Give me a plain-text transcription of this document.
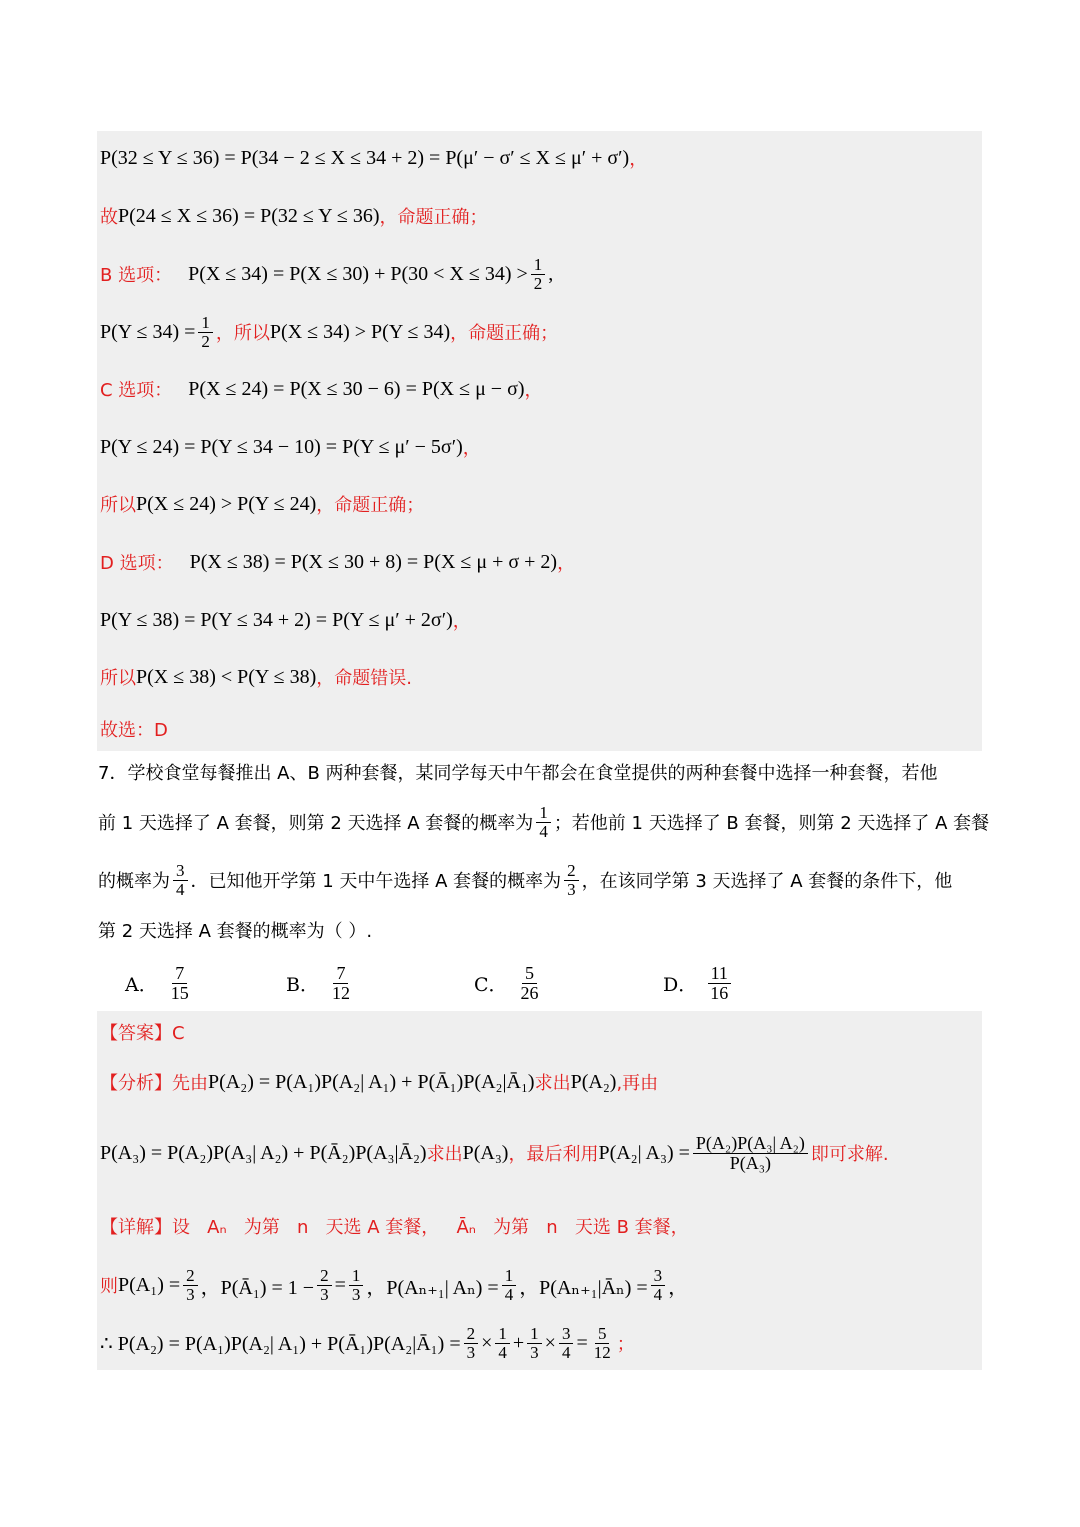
P(32 ≤ Y ≤ 36) = P(34 − 2 ≤ X ≤ 34 + 2) = P(μ′ − σ′ ≤ X ≤ μ′ + σ′) ，
故 P(24 ≤ X ≤ 36) = P(32 ≤ Y ≤ 36) ，命题正确；
B 选项： $P(X \le 34) = P(X \le 30) + P(30 < X \le 34) > \frac{1}{2}$ ,
$P(Y \le 34) = \frac{1}{2}$ ，所以 P(X ≤ 34) > P(Y ≤ 34) ，命题正确；
C 选项： P(X ≤ 24) = P(X ≤ 30 − 6) = P(X ≤ μ − σ) ，
P(Y ≤ 24) = P(Y ≤ 34 − 10) = P(Y ≤ μ′ − 5σ′) ，
所以 P(X ≤ 24) > P(Y ≤ 24) ，命题正确；
D 选项： P(X ≤ 38) = P(X ≤ 30 + 8) = P(X ≤ μ + σ + 2) ，
P(Y ≤ 38) = P(Y ≤ 34 + 2) = P(Y ≤ μ′ + 2σ′) ，
所以 P(X ≤ 38) < P(Y ≤ 38) ，命题错误.
故选：D
7．学校食堂每餐推出 A、B 两种套餐，某同学每天中午都会在食堂提供的两种套餐中选择一种套餐，若他
前 1 天选择了 A 套餐，则第 2 天选择 A 套餐的概率为 $\frac{1}{4}$ ；若他前 1 天选择了 B 套餐，则第 2 天选择了 A 套餐
的概率为 $\frac{3}{4}$ ．已知他开学第 1 天中午选择 A 套餐的概率为 $\frac{2}{3}$ ，在该同学第 3 天选择了 A 套餐的条件下，他
第 2 天选择 A 套餐的概率为（ ）.
A． $\frac{7}{15}$	B． $\frac{7}{12}$	C． $\frac{5}{26}$	D． $\frac{11}{16}$
【答案】C
【分析】 先由 P(A₂) = P(A₁)P(A₂| A₁) + P(Ā₁)P(A₂|Ā₁) 求出 P(A₂) ,再由
P(A₃) = P(A₂)P(A₃| A₂) + P(Ā₂)P(A₃|Ā₂) 求出 P(A₃) ，最后利用 P(A₂| $A_3) = \frac{\text{P(A₂)P(A₃| A₂)}}{\text{P(A₃)}}$ 即可求解.
【详解】 设   Aₙ   为第   n   天选 A 套餐，   Āₙ   为第   n   天选 B 套餐，
则 $P(A_1) = \frac{2}{3}$ ，P(Ā₁) = $1 - \frac{2}{3} = \frac{1}{3}$ ，P(Aₙ₊₁| $A_n) = \frac{1}{4}$ ，P(Aₙ₊₁|Āₙ) = $\frac{3}{4}$ ，
∴ P(A₂) = P(A₁)P(A₂| A₁) + P(Ā₁)P(A₂|Ā₁) = $\frac{2}{3} \times \frac{1}{4} + \frac{1}{3} \times \frac{3}{4} = \frac{5}{12}$ ；
